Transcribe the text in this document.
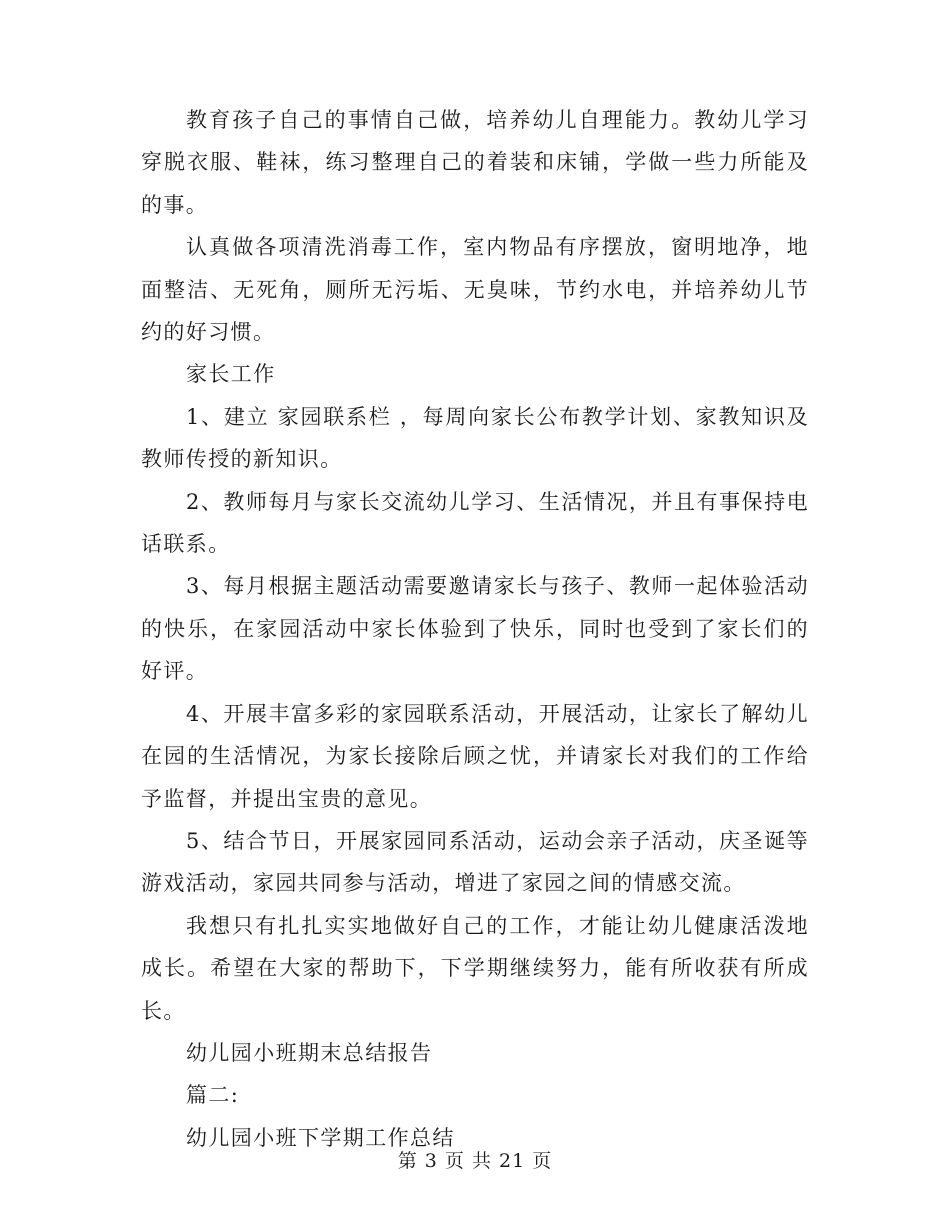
教育孩子自己的事情自己做，培养幼儿自理能力。教幼儿学习穿脱衣服、鞋袜，练习整理自己的着装和床铺，学做一些力所能及的事。

认真做各项清洗消毒工作，室内物品有序摆放，窗明地净，地面整洁、无死角，厕所无污垢、无臭味，节约水电，并培养幼儿节约的好习惯。

家长工作

1、建立 家园联系栏 ，每周向家长公布教学计划、家教知识及教师传授的新知识。

2、教师每月与家长交流幼儿学习、生活情况，并且有事保持电话联系。

3、每月根据主题活动需要邀请家长与孩子、教师一起体验活动的快乐，在家园活动中家长体验到了快乐，同时也受到了家长们的好评。

4、开展丰富多彩的家园联系活动，开展活动，让家长了解幼儿在园的生活情况，为家长接除后顾之忧，并请家长对我们的工作给予监督，并提出宝贵的意见。

5、结合节日，开展家园同系活动，运动会亲子活动，庆圣诞等游戏活动，家园共同参与活动，增进了家园之间的情感交流。

我想只有扎扎实实地做好自己的工作，才能让幼儿健康活泼地成长。希望在大家的帮助下，下学期继续努力，能有所收获有所成长。

幼儿园小班期末总结报告

篇二:

幼儿园小班下学期工作总结

第 3 页 共 21 页
